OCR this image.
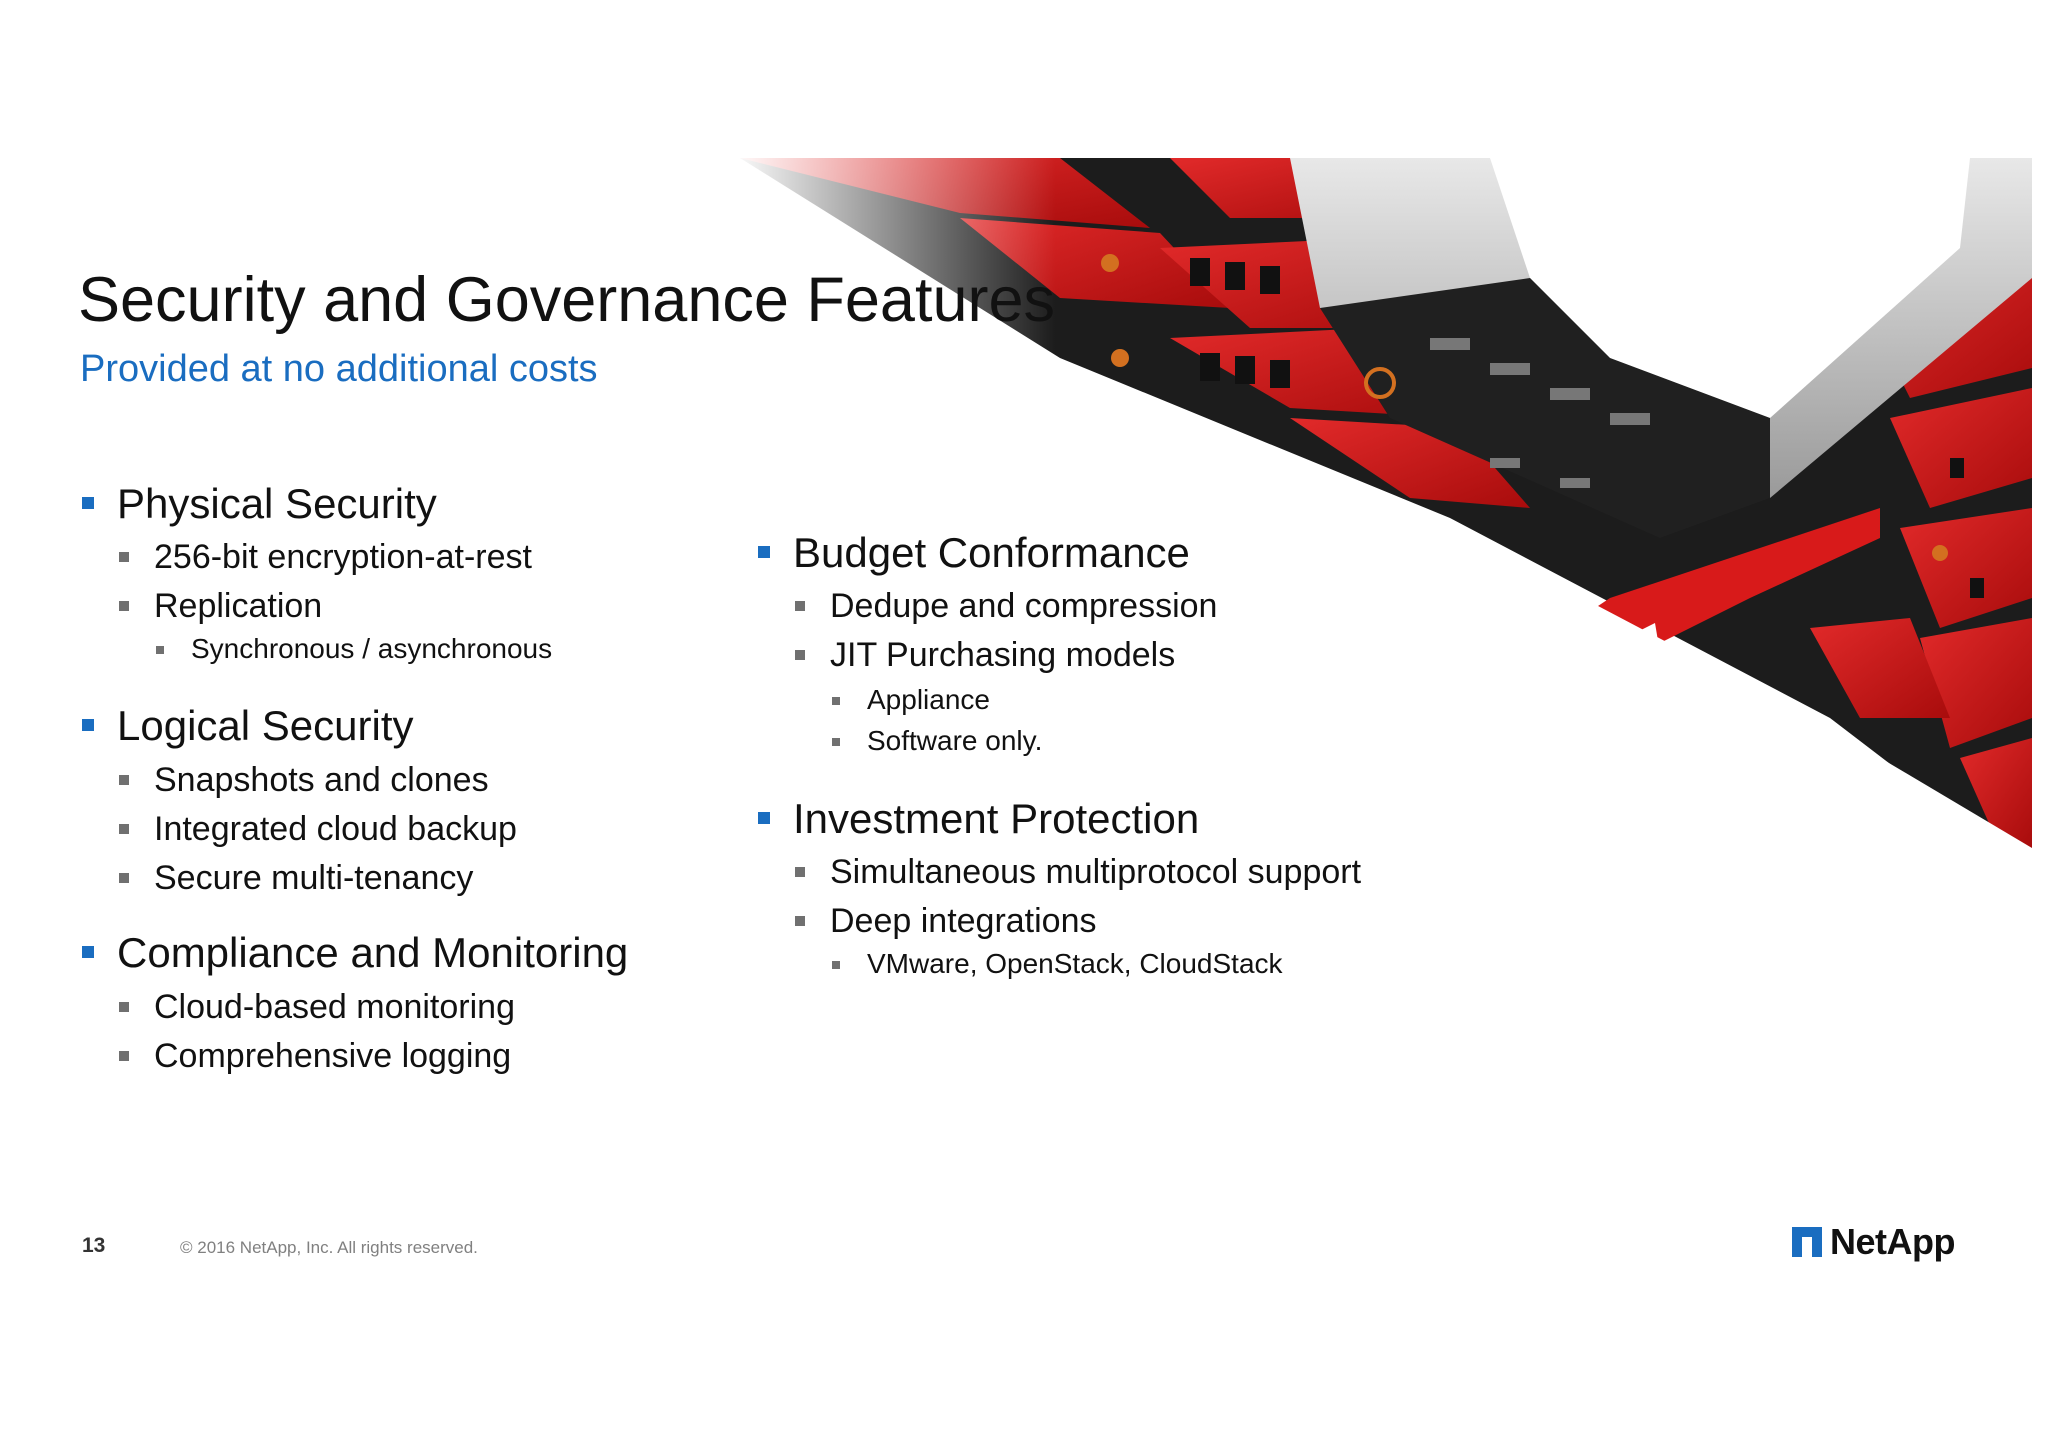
Security and Governance Features
Provided at no additional costs
Physical Security
256-bit encryption-at-rest
Replication
Synchronous / asynchronous
Logical Security
Snapshots and clones
Integrated cloud backup
Secure multi-tenancy
Compliance and Monitoring
Cloud-based monitoring
Comprehensive logging
Budget Conformance
Dedupe and compression
JIT Purchasing models
Appliance
Software only.
Investment Protection
Simultaneous multiprotocol support
Deep integrations
VMware, OpenStack, CloudStack
13	© 2016 NetApp, Inc. All rights reserved.	NetApp
